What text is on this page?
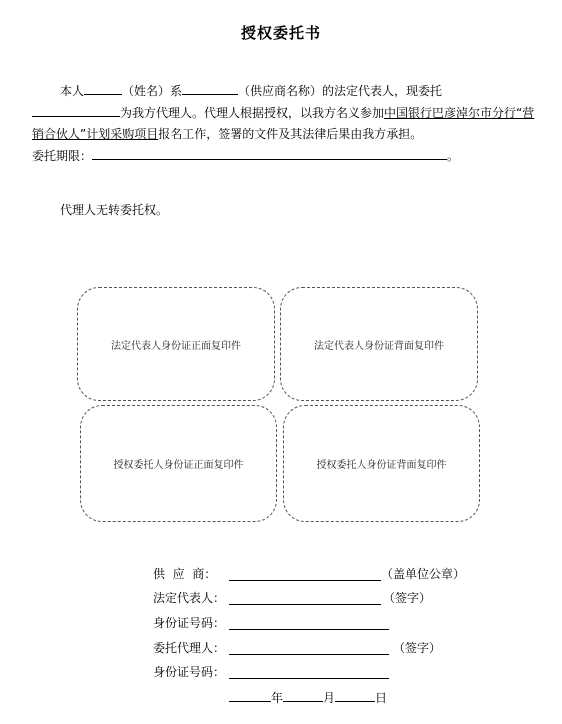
授权委托书
本人	（姓名）系	（供应商名称）的法定代表人，现委托
为我方代理人。代理人根据授权，以我方名义参加中国银行巴彦淖尔市分行“营销合伙人”计划采购项目报名工作，签署的文件及其法律后果由我方承担。
委托期限：	。
代理人无转委托权。
法定代表人身份证正面复印件	法定代表人身份证背面复印件
授权委托人身份证正面复印件	授权委托人身份证背面复印件
供  应  商：	（盖单位公章）
法定代表人：	（签字）
身份证号码：
委托代理人：	（签字）
身份证号码：
年	月	日
